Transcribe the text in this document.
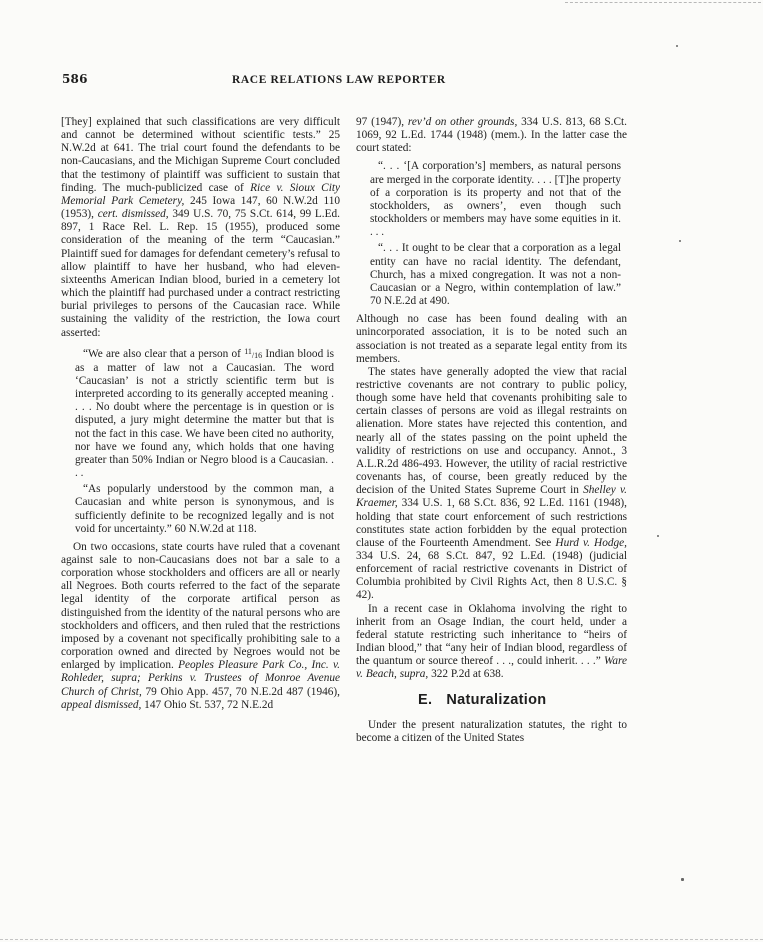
586	RACE RELATIONS LAW REPORTER

[They] explained that such classifications are very difficult and cannot be determined without scientific tests.” 25 N.W.2d at 641. The trial court found the defendants to be non-Caucasians, and the Michigan Supreme Court concluded that the testimony of plaintiff was sufficient to sustain that finding. The much-publicized case of Rice v. Sioux City Memorial Park Cemetery, 245 Iowa 147, 60 N.W.2d 110 (1953), cert. dismissed, 349 U.S. 70, 75 S.Ct. 614, 99 L.Ed. 897, 1 Race Rel. L. Rep. 15 (1955), produced some consideration of the meaning of the term “Caucasian.” Plaintiff sued for damages for defendant cemetery’s refusal to allow plaintiff to have her husband, who had eleven-sixteenths American Indian blood, buried in a cemetery lot which the plaintiff had purchased under a contract restricting burial privileges to persons of the Caucasian race. While sustaining the validity of the restriction, the Iowa court asserted:

“We are also clear that a person of $^{11}$/16 Indian blood is as a matter of law not a Caucasian. The word ‘Caucasian’ is not a strictly scientific term but is interpreted according to its generally accepted meaning . . . . No doubt where the percentage is in question or is disputed, a jury might determine the matter but that is not the fact in this case. We have been cited no authority, nor have we found any, which holds that one having greater than 50% Indian or Negro blood is a Caucasian. . . .

“As popularly understood by the common man, a Caucasian and white person is synonymous, and is sufficiently definite to be recognized legally and is not void for uncertainty.” 60 N.W.2d at 118.

On two occasions, state courts have ruled that a covenant against sale to non-Caucasians does not bar a sale to a corporation whose stockholders and officers are all or nearly all Negroes. Both courts referred to the fact of the separate legal identity of the corporate artifical person as distinguished from the identity of the natural persons who are stockholders and officers, and then ruled that the restrictions imposed by a covenant not specifically prohibiting sale to a corporation owned and directed by Negroes would not be enlarged by implication. Peoples Pleasure Park Co., Inc. v. Rohleder, supra; Perkins v. Trustees of Monroe Avenue Church of Christ, 79 Ohio App. 457, 70 N.E.2d 487 (1946), appeal dismissed, 147 Ohio St. 537, 72 N.E.2d

97 (1947), rev’d on other grounds, 334 U.S. 813, 68 S.Ct. 1069, 92 L.Ed. 1744 (1948) (mem.). In the latter case the court stated:

“. . . ‘[A corporation’s] members, as natural persons are merged in the corporate identity. . . . [T]he property of a corporation is its property and not that of the stockholders, as owners’, even though such stockholders or members may have some equities in it. . . .

“. . . It ought to be clear that a corporation as a legal entity can have no racial identity. The defendant, Church, has a mixed congregation. It was not a non-Caucasian or a Negro, within contemplation of law.” 70 N.E.2d at 490.

Although no case has been found dealing with an unincorporated association, it is to be noted such an association is not treated as a separate legal entity from its members.

The states have generally adopted the view that racial restrictive covenants are not contrary to public policy, though some have held that covenants prohibiting sale to certain classes of persons are void as illegal restraints on alienation. More states have rejected this contention, and nearly all of the states passing on the point upheld the validity of restrictions on use and occupancy. Annot., 3 A.L.R.2d 486-493. However, the utility of racial restrictive covenants has, of course, been greatly reduced by the decision of the United States Supreme Court in Shelley v. Kraemer, 334 U.S. 1, 68 S.Ct. 836, 92 L.Ed. 1161 (1948), holding that state court enforcement of such restrictions constitutes state action forbidden by the equal protection clause of the Fourteenth Amendment. See Hurd v. Hodge, 334 U.S. 24, 68 S.Ct. 847, 92 L.Ed. (1948) (judicial enforcement of racial restrictive covenants in District of Columbia prohibited by Civil Rights Act, then 8 U.S.C. § 42).

In a recent case in Oklahoma involving the right to inherit from an Osage Indian, the court held, under a federal statute restricting such inheritance to “heirs of Indian blood,” that “any heir of Indian blood, regardless of the quantum or source thereof . . ., could inherit. . . .” Ware v. Beach, supra, 322 P.2d at 638.

E. Naturalization

Under the present naturalization statutes, the right to become a citizen of the United States
